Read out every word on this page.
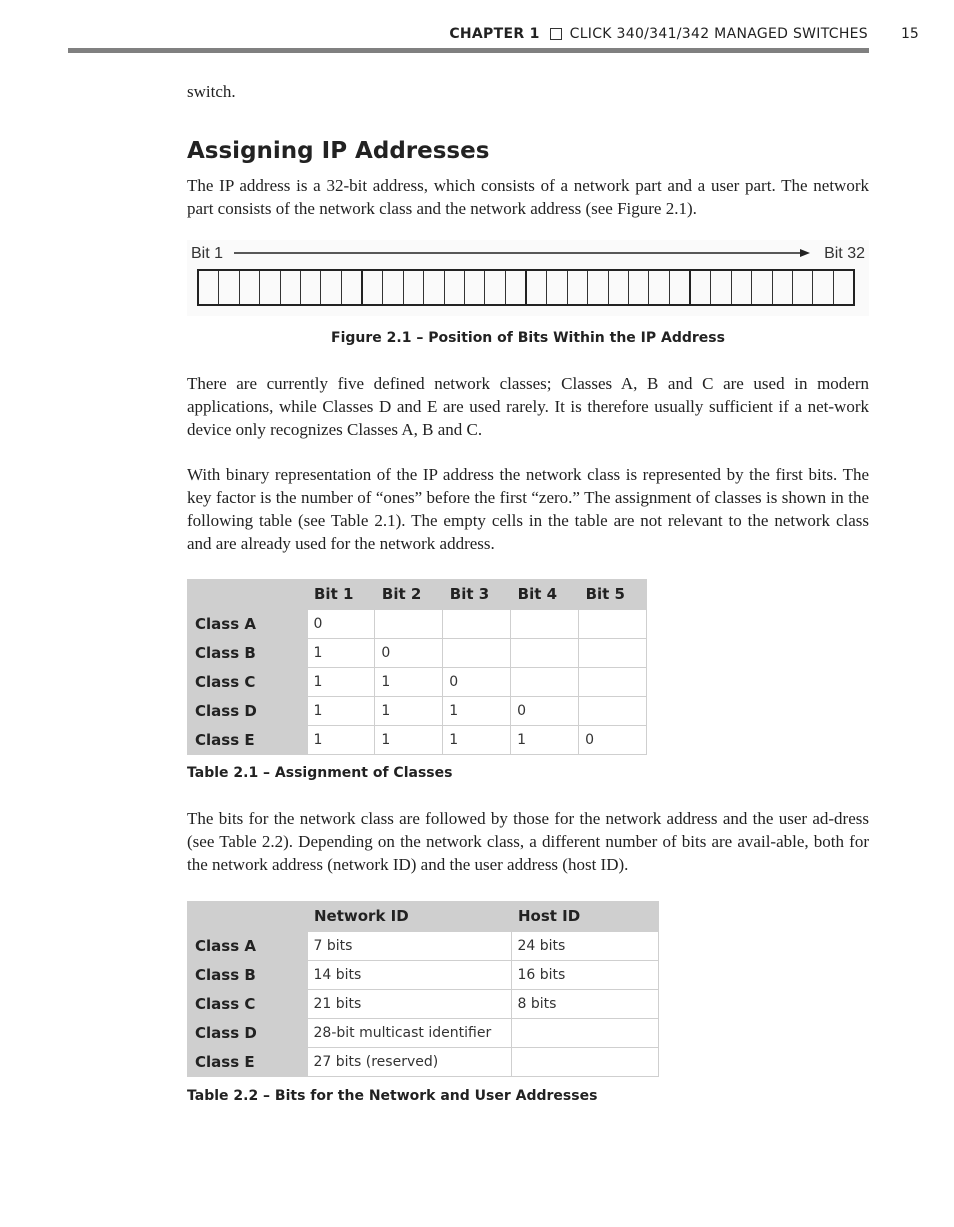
CHAPTER 1 CLICK 340/341/342 MANAGED SWITCHES 15

switch.

Assigning IP Addresses

The IP address is a 32-bit address, which consists of a network part and a user part. The network part consists of the network class and the network address (see Figure 2.1).

Bit 1	Bit 32

Figure 2.1 – Position of Bits Within the IP Address

There are currently five defined network classes; Classes A, B and C are used in modern applications, while Classes D and E are used rarely. It is therefore usually sufficient if a net-work device only recognizes Classes A, B and C.

With binary representation of the IP address the network class is represented by the first bits. The key factor is the number of “ones” before the first “zero.” The assignment of classes is shown in the following table (see Table 2.1). The empty cells in the table are not relevant to the network class and are already used for the network address.

	Bit 1	Bit 2	Bit 3	Bit 4	Bit 5
Class A	0				
Class B	1	0			
Class C	1	1	0		
Class D	1	1	1	0	
Class E	1	1	1	1	0

Table 2.1 – Assignment of Classes

The bits for the network class are followed by those for the network address and the user ad-dress (see Table 2.2). Depending on the network class, a different number of bits are avail-able, both for the network address (network ID) and the user address (host ID).

	Network ID	Host ID
Class A	7 bits	24 bits
Class B	14 bits	16 bits
Class C	21 bits	8 bits
Class D	28-bit multicast identifier	
Class E	27 bits (reserved)	

Table 2.2 – Bits for the Network and User Addresses
